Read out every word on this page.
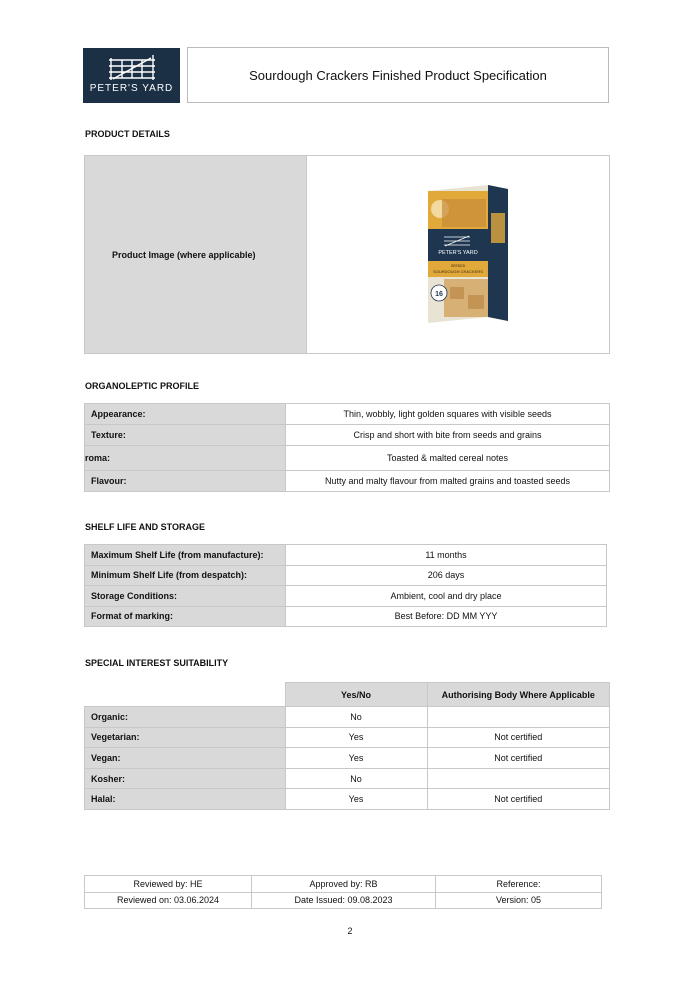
PETER'S YARD
Sourdough Crackers Finished Product Specification
PRODUCT DETAILS
Product Image (where applicable)	PETER'S YARD
SEEDED
SOURDOUGH CRACKERS
16
ORGANOLEPTIC PROFILE
Appearance:	Thin, wobbly, light golden squares with visible seeds
Texture:	Crisp and short with bite from seeds and grains
roma:	Toasted & malted cereal notes
Flavour:	Nutty and malty flavour from malted grains and toasted seeds
SHELF LIFE AND STORAGE
Maximum Shelf Life (from manufacture):	11 months
Minimum Shelf Life (from despatch):	206 days
Storage Conditions:	Ambient, cool and dry place
Format of marking:	Best Before: DD MM YYY
SPECIAL INTEREST SUITABILITY
	Yes/No	Authorising Body Where Applicable
Organic:	No	
Vegetarian:	Yes	Not certified
Vegan:	Yes	Not certified
Kosher:	No	
Halal:	Yes	Not certified
Reviewed by: HE	Approved by: RB	Reference:
Reviewed on: 03.06.2024	Date Issued: 09.08.2023	Version: 05
2
